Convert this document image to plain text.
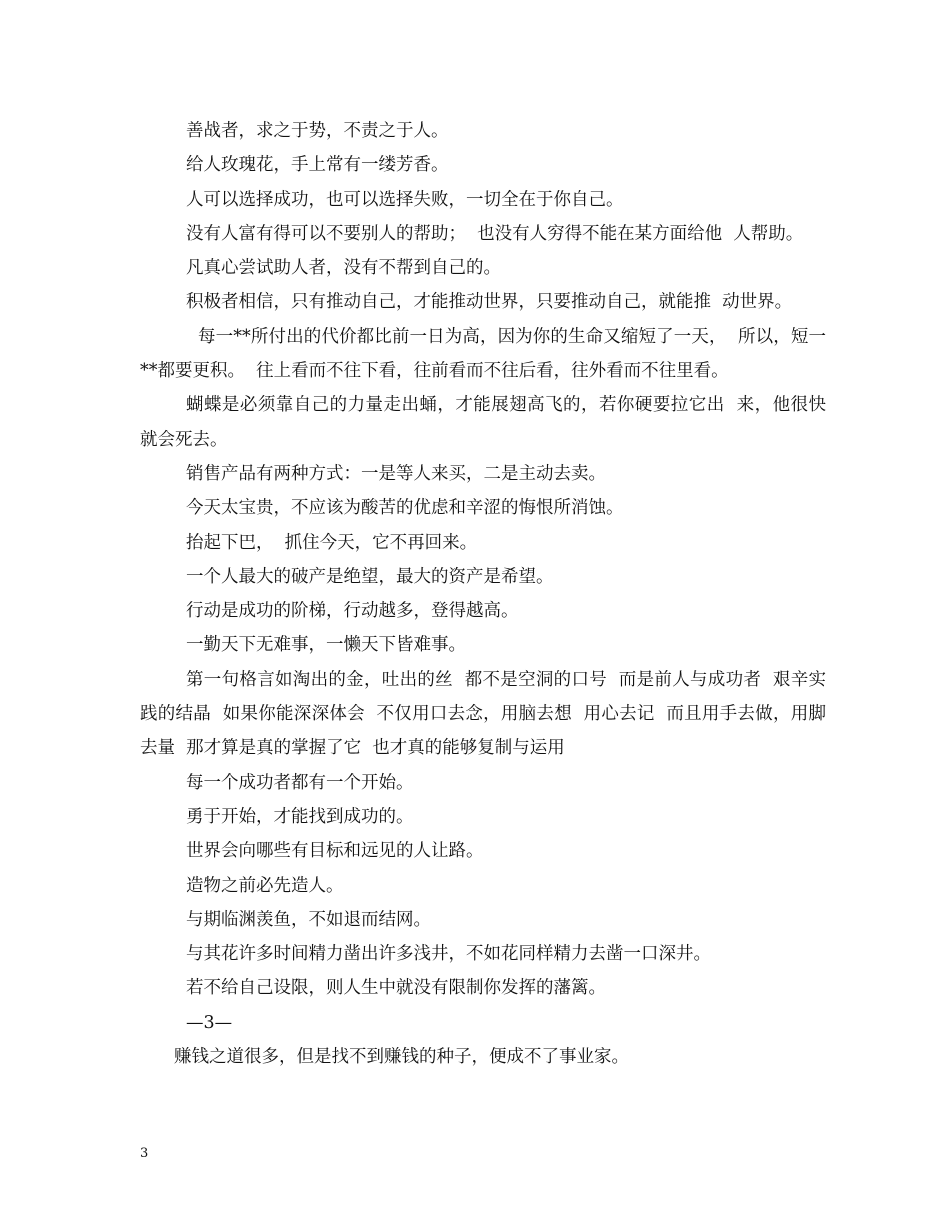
善战者，求之于势，不责之于人。

给人玫瑰花，手上常有一缕芳香。

人可以选择成功，也可以选择失败，一切全在于你自己。

没有人富有得可以不要别人的帮助；  也没有人穷得不能在某方面给他  人帮助。

凡真心尝试助人者，没有不帮到自己的。

积极者相信，只有推动自己，才能推动世界，只要推动自己，就能推  动世界。

每一**所付出的代价都比前一日为高，因为你的生命又缩短了一天，  所以，短一**都要更积。  往上看而不往下看，往前看而不往后看，往外看而不往里看。

蝴蝶是必须靠自己的力量走出蛹，才能展翅高飞的，若你硬要拉它出  来，他很快就会死去。

销售产品有两种方式：一是等人来买，二是主动去卖。

今天太宝贵，不应该为酸苦的优虑和辛涩的悔恨所消蚀。

抬起下巴，  抓住今天，它不再回来。

一个人最大的破产是绝望，最大的资产是希望。

行动是成功的阶梯，行动越多，登得越高。

一勤天下无难事，一懒天下皆难事。

第一句格言如淘出的金，吐出的丝  都不是空洞的口号  而是前人与成功者  艰辛实践的结晶  如果你能深深体会  不仅用口去念，用脑去想  用心去记  而且用手去做，用脚去量  那才算是真的掌握了它  也才真的能够复制与运用

每一个成功者都有一个开始。

勇于开始，才能找到成功的。

世界会向哪些有目标和远见的人让路。

造物之前必先造人。

与期临渊羡鱼，不如退而结网。

与其花许多时间精力凿出许多浅井，不如花同样精力去凿一口深井。

若不给自己设限，则人生中就没有限制你发挥的藩篱。

—3—

赚钱之道很多，但是找不到赚钱的种子，便成不了事业家。

3
